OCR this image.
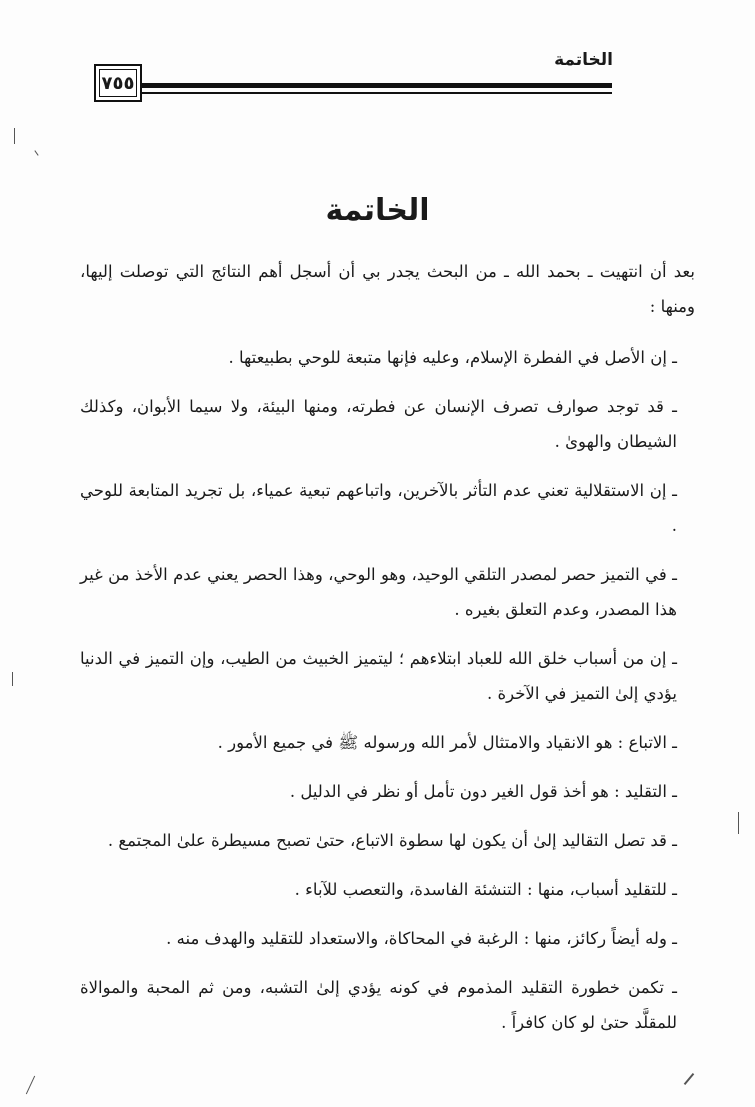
الخاتمة
٧٥٥
الخاتمة

بعد أن انتهيت ـ بحمد الله ـ من البحث يجدر بي أن أسجل أهم النتائج التي توصلت إليها، ومنها :

ـ إن الأصل في الفطرة الإسلام، وعليه فإنها متبعة للوحي بطبيعتها .

ـ قد توجد صوارف تصرف الإنسان عن فطرته، ومنها البيئة، ولا سيما الأبوان، وكذلك الشيطان والهوىٰ .

ـ إن الاستقلالية تعني عدم التأثر بالآخرين، واتباعهم تبعية عمياء، بل تجريد المتابعة للوحي .

ـ في التميز حصر لمصدر التلقي الوحيد، وهو الوحي، وهذا الحصر يعني عدم الأخذ من غير هذا المصدر، وعدم التعلق بغيره .

ـ إن من أسباب خلق الله للعباد ابتلاءهم ؛ ليتميز الخبيث من الطيب، وإن التميز في الدنيا يؤدي إلىٰ التميز في الآخرة .

ـ الاتباع : هو الانقياد والامتثال لأمر الله ورسوله ﷺ في جميع الأمور .

ـ التقليد : هو أخذ قول الغير دون تأمل أو نظر في الدليل .

ـ قد تصل التقاليد إلىٰ أن يكون لها سطوة الاتباع، حتىٰ تصبح مسيطرة علىٰ المجتمع .

ـ للتقليد أسباب، منها : التنشئة الفاسدة، والتعصب للآباء .

ـ وله أيضاً ركائز، منها : الرغبة في المحاكاة، والاستعداد للتقليد والهدف منه .

ـ تكمن خطورة التقليد المذموم في كونه يؤدي إلىٰ التشبه، ومن ثم المحبة والموالاة للمقلَّد حتىٰ لو كان كافراً .
